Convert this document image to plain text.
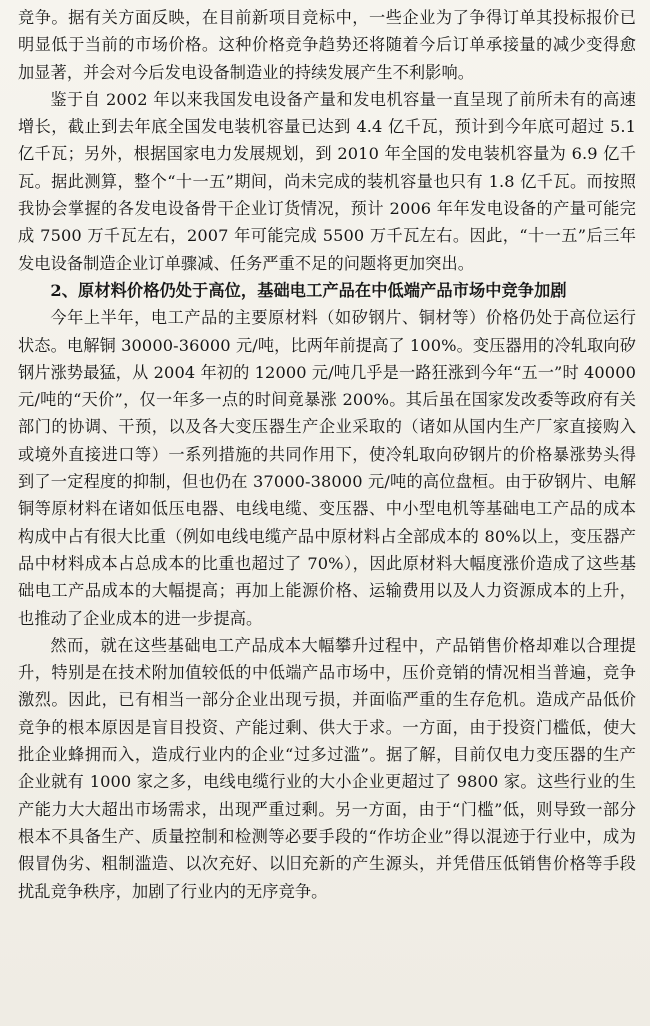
竞争。据有关方面反映，在目前新项目竞标中，一些企业为了争得订单其投标报价已明显低于当前的市场价格。这种价格竞争趋势还将随着今后订单承接量的减少变得愈加显著，并会对今后发电设备制造业的持续发展产生不利影响。

鉴于自 2002 年以来我国发电设备产量和发电机容量一直呈现了前所未有的高速增长，截止到去年底全国发电装机容量已达到 4.4 亿千瓦，预计到今年底可超过 5.1 亿千瓦；另外，根据国家电力发展规划，到 2010 年全国的发电装机容量为 6.9 亿千瓦。据此测算，整个“十一五”期间，尚未完成的装机容量也只有 1.8 亿千瓦。而按照我协会掌握的各发电设备骨干企业订货情况，预计 2006 年年发电设备的产量可能完成 7500 万千瓦左右，2007 年可能完成 5500 万千瓦左右。因此，“十一五”后三年发电设备制造企业订单骤减、任务严重不足的问题将更加突出。

2、原材料价格仍处于高位，基础电工产品在中低端产品市场中竞争加剧

今年上半年，电工产品的主要原材料（如矽钢片、铜材等）价格仍处于高位运行状态。电解铜 30000-36000 元/吨，比两年前提高了 100%。变压器用的冷轧取向矽钢片涨势最猛，从 2004 年初的 12000 元/吨几乎是一路狂涨到今年“五一”时 40000 元/吨的“天价”，仅一年多一点的时间竟暴涨 200%。其后虽在国家发改委等政府有关部门的协调、干预，以及各大变压器生产企业采取的（诸如从国内生产厂家直接购入或境外直接进口等）一系列措施的共同作用下，使冷轧取向矽钢片的价格暴涨势头得到了一定程度的抑制，但也仍在 37000-38000 元/吨的高位盘桓。由于矽钢片、电解铜等原材料在诸如低压电器、电线电缆、变压器、中小型电机等基础电工产品的成本构成中占有很大比重（例如电线电缆产品中原材料占全部成本的 80%以上，变压器产品中材料成本占总成本的比重也超过了 70%），因此原材料大幅度涨价造成了这些基础电工产品成本的大幅提高；再加上能源价格、运输费用以及人力资源成本的上升，也推动了企业成本的进一步提高。

然而，就在这些基础电工产品成本大幅攀升过程中，产品销售价格却难以合理提升，特别是在技术附加值较低的中低端产品市场中，压价竞销的情况相当普遍，竞争激烈。因此，已有相当一部分企业出现亏损，并面临严重的生存危机。造成产品低价竞争的根本原因是盲目投资、产能过剩、供大于求。一方面，由于投资门槛低，使大批企业蜂拥而入，造成行业内的企业“过多过滥”。据了解，目前仅电力变压器的生产企业就有 1000 家之多，电线电缆行业的大小企业更超过了 9800 家。这些行业的生产能力大大超出市场需求，出现严重过剩。另一方面，由于“门槛”低，则导致一部分根本不具备生产、质量控制和检测等必要手段的“作坊企业”得以混迹于行业中，成为假冒伪劣、粗制滥造、以次充好、以旧充新的产生源头，并凭借压低销售价格等手段扰乱竞争秩序，加剧了行业内的无序竞争。
